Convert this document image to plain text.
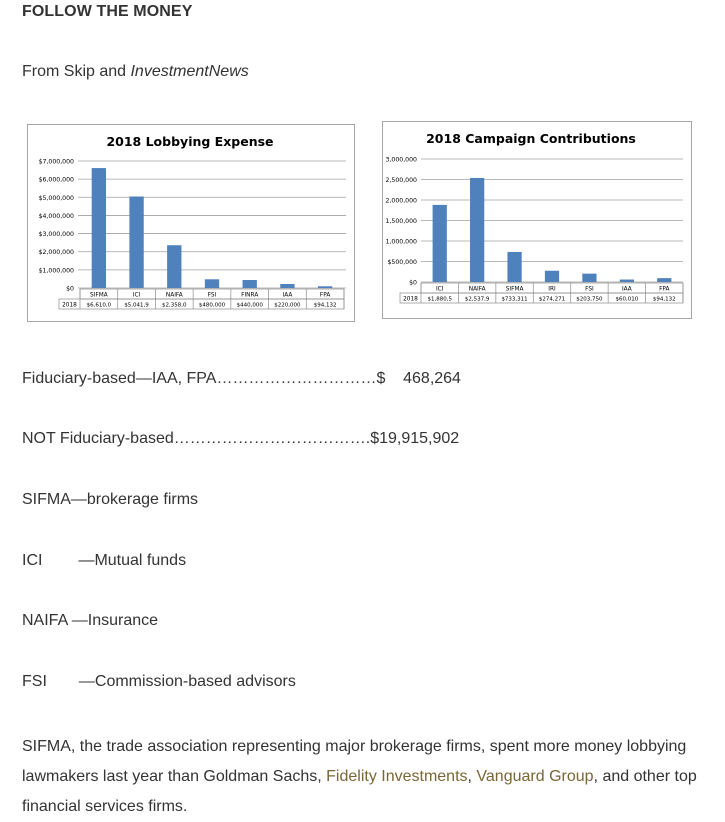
FOLLOW THE MONEY

From Skip and InvestmentNews

2018 Lobbying Expense
$0
$1,000,000
$2,000,000
$3,000,000
$4,000,000
$5,000,000
$6,000,000
$7,000,000
2018
SIFMA
$6,610,0
ICI
$5,041,9
NAIFA
$2,358,0
FSI
$480,000
FINRA
$440,000
IAA
$220,000
FPA
$94,132
2018 Campaign Contributions
$0
$500,000
1,000,000
1,500,000
2,000,000
2,500,000
3,000,000
2018
ICI
$1,880,5
NAIFA
$2,537,9
SIFMA
$733,311
IRI
$274,271
FSI
$203,750
IAA
$60,010
FPA
$94,132

Fiduciary-based—IAA, FPA…………………………$    468,264

NOT Fiduciary-based……………………………….$19,915,902

SIFMA—brokerage firms

ICI —Mutual funds

NAIFA —Insurance

FSI —Commission-based advisors

SIFMA, the trade association representing major brokerage firms, spent more money lobbying lawmakers last year than Goldman Sachs, Fidelity Investments, Vanguard Group, and other top financial services firms.
